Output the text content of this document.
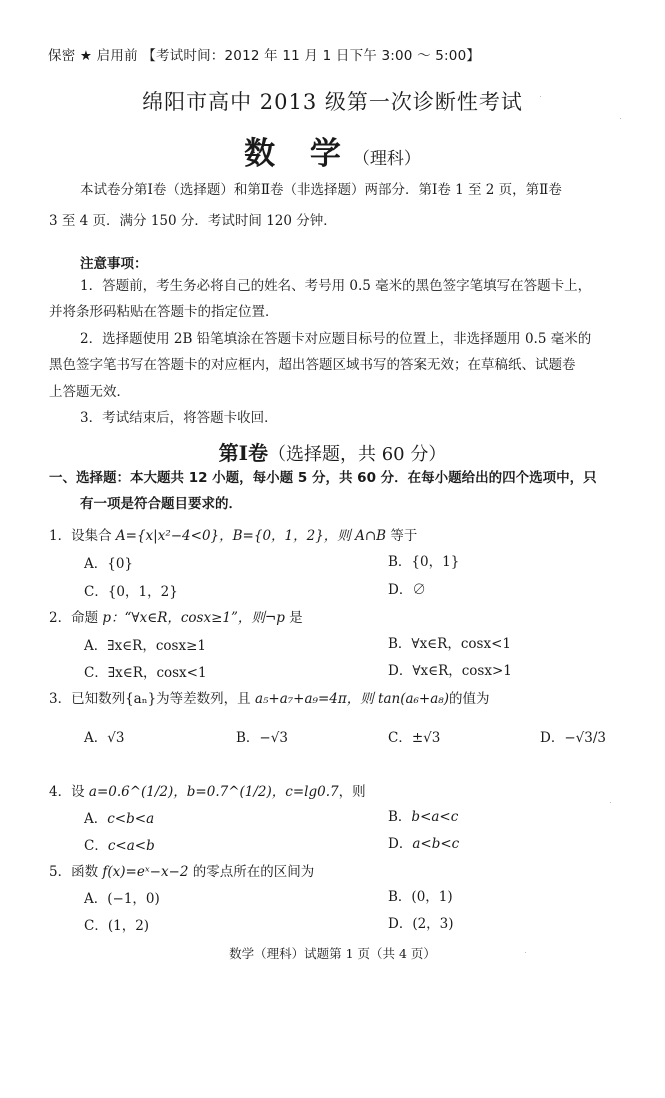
保密 ★ 启用前 【考试时间：2012 年 11 月 1 日下午 3:00 ～ 5:00】
绵阳市高中 2013 级第一次诊断性考试
数 学（理科）
本试卷分第Ⅰ卷（选择题）和第Ⅱ卷（非选择题）两部分．第Ⅰ卷 1 至 2 页，第Ⅱ卷
3 至 4 页．满分 150 分．考试时间 120 分钟．
注意事项：
1．答题前，考生务必将自己的姓名、考号用 0.5 毫米的黑色签字笔填写在答题卡上，
并将条形码粘贴在答题卡的指定位置．
2．选择题使用 2B 铅笔填涂在答题卡对应题目标号的位置上，非选择题用 0.5 毫米的
黑色签字笔书写在答题卡的对应框内，超出答题区域书写的答案无效；在草稿纸、试题卷
上答题无效．
3．考试结束后，将答题卡收回．
第Ⅰ卷（选择题，共 60 分）
一、选择题：本大题共 12 小题，每小题 5 分，共 60 分．在每小题给出的四个选项中，只
有一项是符合题目要求的．
1．设集合 A={x|x²−4<0}，B={0，1，2}，则 A∩B 等于
A．{0}	B．{0，1}
C．{0，1，2}	D．∅
2．命题 p：“∀x∈R，cosx≥1”，则¬p 是
A．∃x∈R，cosx≥1	B．∀x∈R，cosx<1
C．∃x∈R，cosx<1	D．∀x∈R，cosx>1
3．已知数列{aₙ}为等差数列，且 a₅+a₇+a₉=4π，则 tan(a₆+a₈)的值为
A．√3	B．−√3	C．±√3	D．−√3/3
4．设 a=0.6^(1/2)，b=0.7^(1/2)，c=lg0.7，则
A．c<b<a	B．b<a<c
C．c<a<b	D．a<b<c
5．函数 f(x)=eˣ−x−2 的零点所在的区间为
A．(−1，0)	B．(0，1)
C．(1，2)	D．(2，3)
数学（理科）试题第 1 页（共 4 页）
